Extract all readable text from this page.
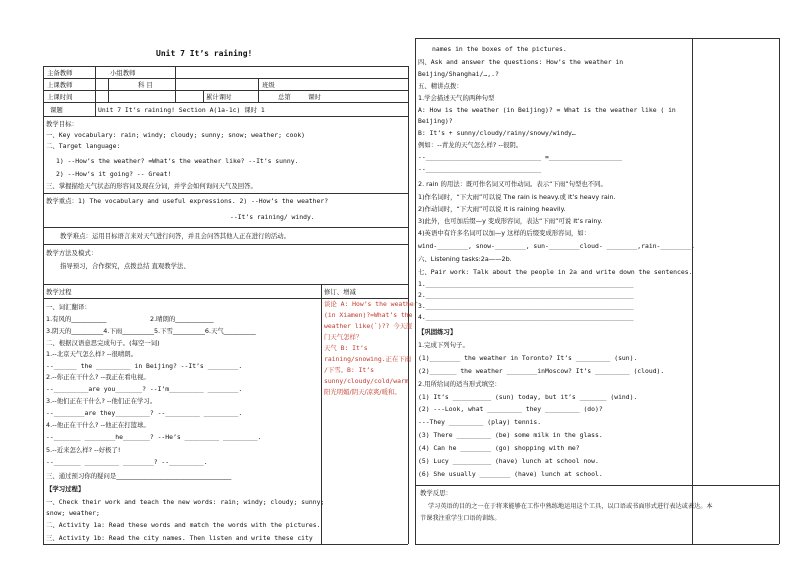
Unit 7 It’s raining!
主备教师	小组教师
上课教师	科 目	班级
上课时间	累计课时	总第	课时
课题	Unit 7 It’s raining! Section A(1a-1c) 课时 1
教学目标：
一、Key vocabulary: rain; windy; cloudy; sunny; snow; weather; cook)
二、Target language:
1) --How’s the weather? =What’s the weather like? --It’s sunny.
2) --How’s it going? -- Great!
三、掌握描绘天气状态的形容词及现在分词，并学会如何询问天气及回答。
教学重点：1) The vocabulary and useful expressions. 2) --How’s the weather?
--It’s raining/ windy.
教学难点：运用目标语言来对天气进行问答，并且会问答其他人正在进行的活动。
教学方法及模式：
指导预习，合作探究，点拨总结 直观教学法、
教学过程	修订、增减
一、词汇翻译：
1.有风的___________	2.晴朗的____________
3.阴天的__________4.下雨__________5.下雪__________6.天气__________
二、根据汉语意思完成句子。(每空一词)
1.--北京天气怎么样? --很晴朗。
--______ the _________ in Beijing? --It’s ________.
2.--你正在干什么? --我正在看电视。
--_________are you_______? --I’m_________ ________.
3.--他们正在干什么? --他们正在学习。
--________are they_________? --_________ _________.
4.--他正在干什么? --他正在打篮球。
--_______ ________he_______? --He’s _________ _________.
5.--近来怎么样? --好极了!
--_______ _________ ________? --_________.
三、通过预习你的疑问是____________________________________
【学习过程】
一、Check their work and teach the new words: rain; windy; cloudy; sunny;
snow; weather;
二、Activity 1a: Read these words and match the words with the pictures.
三、Activity 1b: Read the city names. Then listen and write these city
谈论 A: How’s the weather
(in Xiamen)?=What’s the
weather like(`)?? 今天厦
门天气怎样？
天气 B: It’s
raining/snowing.正在下雨
/下雪。B: It’s
sunny/cloudy/cold/warm
阳光明媚/阴天/凉爽/暖和。
names in the boxes of the pictures.
四、Ask and answer the questions: How’s the weather in
Beijing/Shanghai/…,.?
五、精讲点拨：
1.学会描述天气的两种句型
A: How is the weather (in Beijing)? = What is the weather like ( in
Beijing)?
B: It’s + sunny/cloudy/rainy/snowy/windy…
例如：--青龙的天气怎么样? --很阴。
--______________________________ =___________________
--______________________________
2. rain 的用法：既可作名词又可作动词。表示“下雨”句型也不同。
1)作名词时，“下大雨”可以说 The rain is heavy.或 It’s heavy rain.
2)作动词时，“下大雨”可以说 It is raining heavily.
3)此外，也可加后缀—y 变成形容词，表达“下雨”可说 It’s rainy.
4)英语中有许多名词可以加—y 这样的后缀变成形容词，如：
wind-________, snow-________, sun-________cloud- ________,rain-________.
六、Listening tasks:2a——2b.
七、Pair work: Talk about the people in 2a and write down the sentences.
1.______________________________________________________
2.______________________________________________________
3.______________________________________________________
4.______________________________________________________
【巩固练习】
1.完成下列句子。
(1)________ the weather in Toronto? It’s _________ (sun).
(2)_______ the weather ________inMoscow? It’s _________ (cloud).
2.用所给词的适当形式填空：
(1) It’s __________ (sun) today, but it’s _______ (wind).
(2) ---Look, what _________ they _________ (do)?
---They _________ (play) tennis.
(3) There _________ (be) some milk in the glass.
(4) Can he ________ (go) shopping with me?
(5) Lucy __________ (have) lunch at school now.
(6) She usually ________ (have) lunch at school.
教学反思：
学习英语的目的之一在于将来能够在工作中熟练地运用这个工具，以口语或书面形式进行表达或表达。本
节课我注重学生口语的训练。
